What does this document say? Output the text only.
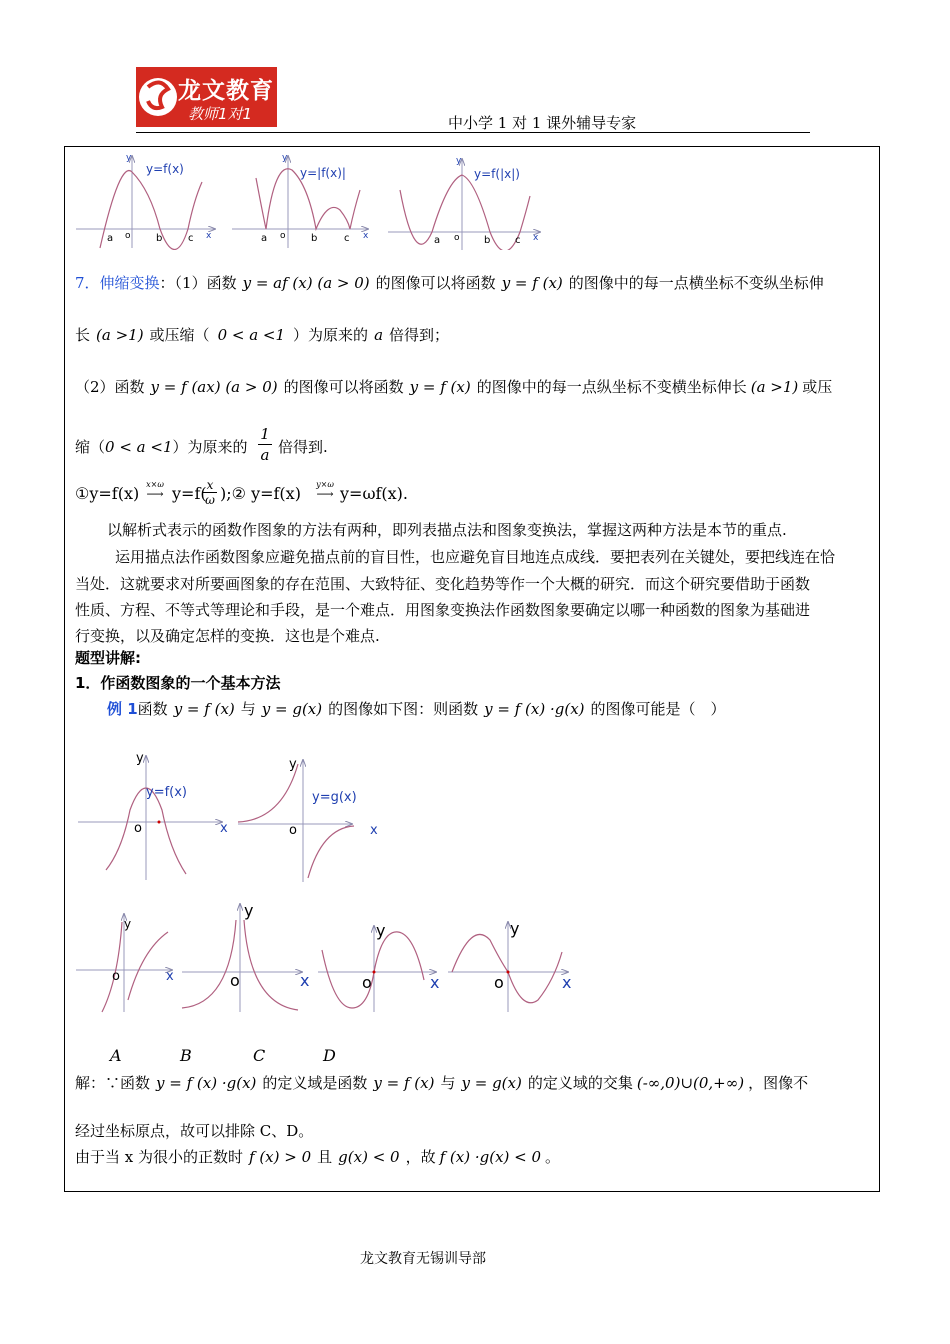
龙文教育
教师1对1	中小学 1 对 1 课外辅导专家
y=f(x)
y
x
o
a	b	c
y=|f(x)|
y
x
o
a	b	c
y=f(|x|)
y
x
o
a	b c
7．伸缩变换：（1）函数 y = af (x) (a > 0) 的图像可以将函数 y = f (x) 的图像中的每一点横坐标不变纵坐标伸
长 (a >1) 或压缩（ 0 < a <1 ）为原来的 a 倍得到；
（2）函数 y = f (ax) (a > 0) 的图像可以将函数 y = f (x) 的图像中的每一点纵坐标不变横坐标伸长 (a >1) 或压
缩（0 < a <1）为原来的
1
a 倍得到.
①y=f(x) x×ω
⟶ y=f( x
ω );② y=f(x)	y×ω
⟶ y=ωf(x).
以解析式表示的函数作图象的方法有两种，即列表描点法和图象变换法，掌握这两种方法是本节的重点.
运用描点法作函数图象应避免描点前的盲目性，也应避免盲目地连点成线．要把表列在关键处，要把线连在恰
当处．这就要求对所要画图象的存在范围、大致特征、变化趋势等作一个大概的研究．而这个研究要借助于函数
性质、方程、不等式等理论和手段，是一个难点．用图象变换法作函数图象要确定以哪一种函数的图象为基础进
行变换，以及确定怎样的变换．这也是个难点.
题型讲解:
1．作函数图象的一个基本方法
例 1函数 y = f (x) 与 y = g(x) 的图像如下图：则函数 y = f (x) ·g(x) 的图像可能是（　）
y=f(x)
y
x
o
y=g(x)
y
x
o
y
x
o
y
x
o
y
x
o
y
x
o
A	B	C	D
解：∵函数 y = f (x) ·g(x) 的定义域是函数 y = f (x) 与 y = g(x) 的定义域的交集 (-∞,0)∪(0,+∞) ，图像不
经过坐标原点，故可以排除 C、D。
由于当 x 为很小的正数时 f (x) > 0 且 g(x) < 0 ，故 f (x) ·g(x) < 0 。
龙文教育无锡训导部
